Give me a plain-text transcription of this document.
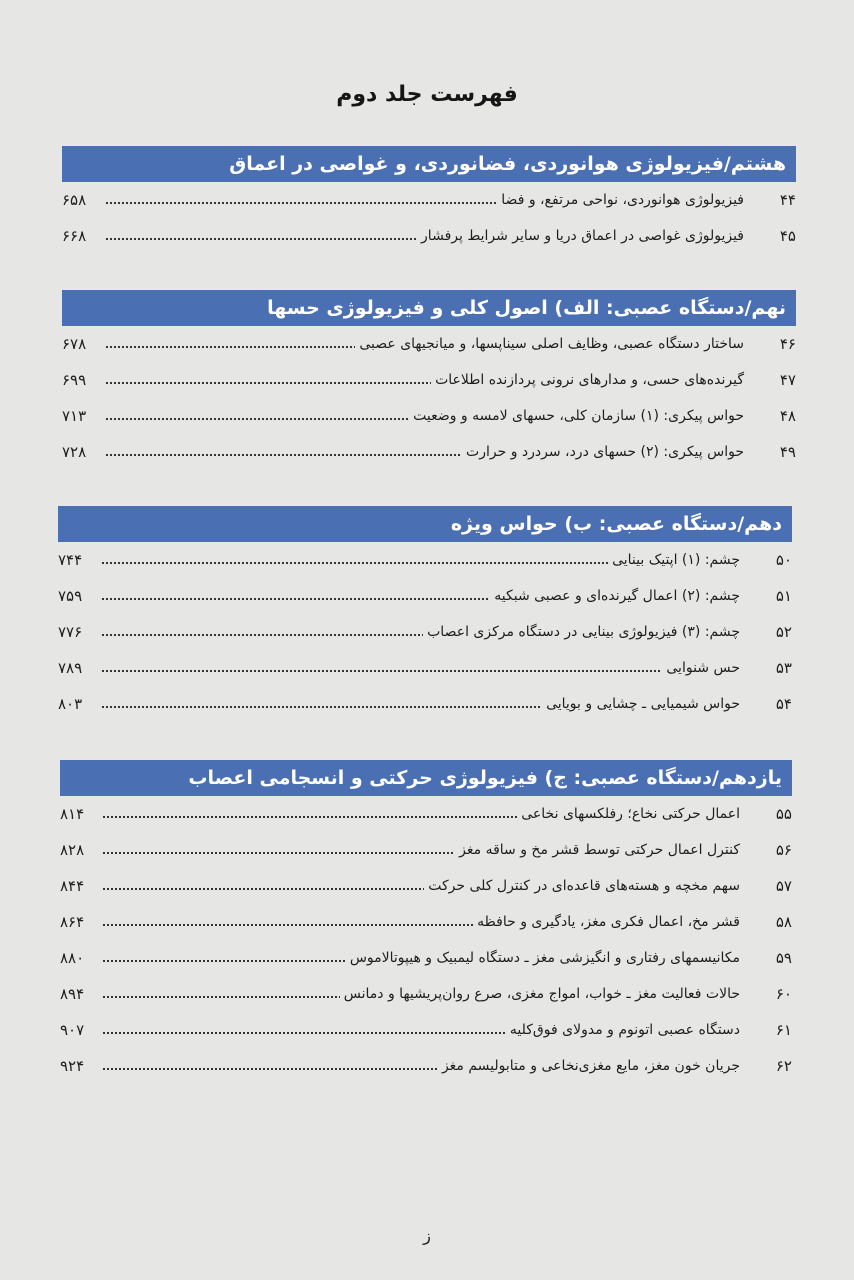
فهرست جلد دوم
هشتم/فیزیولوژی هوانوردی، فضانوردی، و غواصی در اعماق
۴۴
فیزیولوژی هوانوردی، نواحی مرتفع، و فضا
۶۵۸
۴۵
فیزیولوژی غواصی در اعماق دریا و سایر شرایط پرفشار
۶۶۸
نهم/دستگاه عصبی: الف) اصول کلی و فیزیولوژی حسها
۴۶
ساختار دستگاه عصبی، وظایف اصلی سیناپسها، و میانجیهای عصبی
۶۷۸
۴۷
گیرنده‌های حسی، و مدارهای نرونی پردازنده اطلاعات
۶۹۹
۴۸
حواس پیکری: (۱) سازمان کلی، حسهای لامسه و وضعیت
۷۱۳
۴۹
حواس پیکری: (۲) حسهای درد، سردرد و حرارت
۷۲۸
دهم/دستگاه عصبی: ب) حواس ویژه
۵۰
چشم: (۱) اپتیک بینایی
۷۴۴
۵۱
چشم: (۲) اعمال گیرنده‌ای و عصبی شبکیه
۷۵۹
۵۲
چشم: (۳) فیزیولوژی بینایی در دستگاه مرکزی اعصاب
۷۷۶
۵۳
حس شنوایی
۷۸۹
۵۴
حواس شیمیایی ـ چشایی و بویایی
۸۰۳
یازدهم/دستگاه عصبی: ج) فیزیولوژی حرکتی و انسجامی اعصاب
۵۵
اعمال حرکتی نخاع؛ رفلکسهای نخاعی
۸۱۴
۵۶
کنترل اعمال حرکتی توسط قشر مخ و ساقه مغز
۸۲۸
۵۷
سهم مخچه و هسته‌های قاعده‌ای در کنترل کلی حرکت
۸۴۴
۵۸
قشر مخ، اعمال فکری مغز، یادگیری و حافظه
۸۶۴
۵۹
مکانیسمهای رفتاری و انگیزشی مغز ـ دستگاه لیمبیک و هیپوتالاموس
۸۸۰
۶۰
حالات فعالیت مغز ـ خواب، امواج مغزی، صرع روان‌پریشیها و دمانس
۸۹۴
۶۱
دستگاه عصبی اتونوم و مدولای فوق‌کلیه
۹۰۷
۶۲
جریان خون مغز، مایع مغزی‌نخاعی و متابولیسم مغز
۹۲۴
ز
